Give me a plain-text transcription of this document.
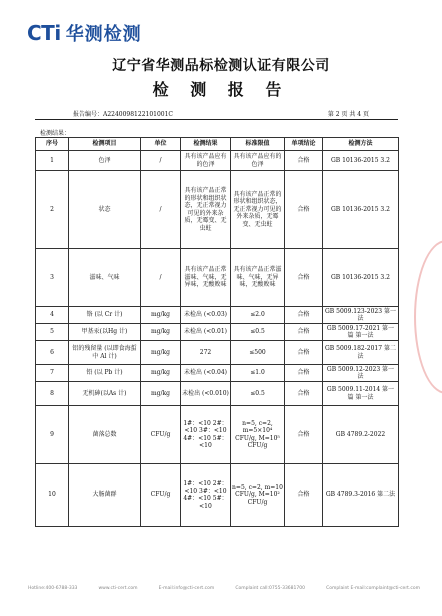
CTi 华测检测
辽宁省华测品标检测认证有限公司
检 测 报 告
报告编号：A2240098122101001C	第 2 页 共 4 页
检测结果：
序号	检测项目	单位	检测结果	标准限值	单项结论	检测方法
1	色泽	/	具有该产品应有的色泽	具有该产品应有的色泽	合格	GB 10136-2015 3.2
2	状态	/	具有该产品正常的形状和组织状态，无正常视力可见的外来杂质，无霉变、无虫蛀	具有该产品正常的形状和组织状态，无正常视力可见的外来杂质，无霉变、无虫蛀	合格	GB 10136-2015 3.2
3	滋味、气味	/	具有该产品正常滋味、气味，无异味，无酸败味	具有该产品正常滋味、气味，无异味，无酸败味	合格	GB 10136-2015 3.2
4	铬 (以 Cr 计)	mg/kg	未检出 (<0.03)	≤2.0	合格	GB 5009.123-2023 第一法
5	甲基汞(以Hg 计)	mg/kg	未检出 (<0.01)	≤0.5	合格	GB 5009.17-2021 第一篇 第一法
6	铝的残留量 (以即食海蜇中 Al 计)	mg/kg	272	≤500	合格	GB 5009.182-2017 第二法
7	铅 (以 Pb 计)	mg/kg	未检出 (<0.04)	≤1.0	合格	GB 5009.12-2023 第一法
8	无机砷(以As 计)	mg/kg	未检出 (<0.010)	≤0.5	合格	GB 5009.11-2014 第一篇 第一法
9	菌落总数	CFU/g	1#：<10 2#：<10 3#：<10 4#：<10 5#：<10	n=5, c=2, m=5×10⁴ CFU/g, M=10⁵ CFU/g	合格	GB 4789.2-2022
10	大肠菌群	CFU/g	1#：<10 2#：<10 3#：<10 4#：<10 5#：<10	n=5, c=2, m=10 CFU/g, M=10² CFU/g	合格	GB 4789.3-2016 第二法
Hotline:400-6788-333	www.cti-cert.com	E-mail:info@cti-cert.com	Complaint call:0755-33681700	Complaint E-mail:complaint@cti-cert.com
